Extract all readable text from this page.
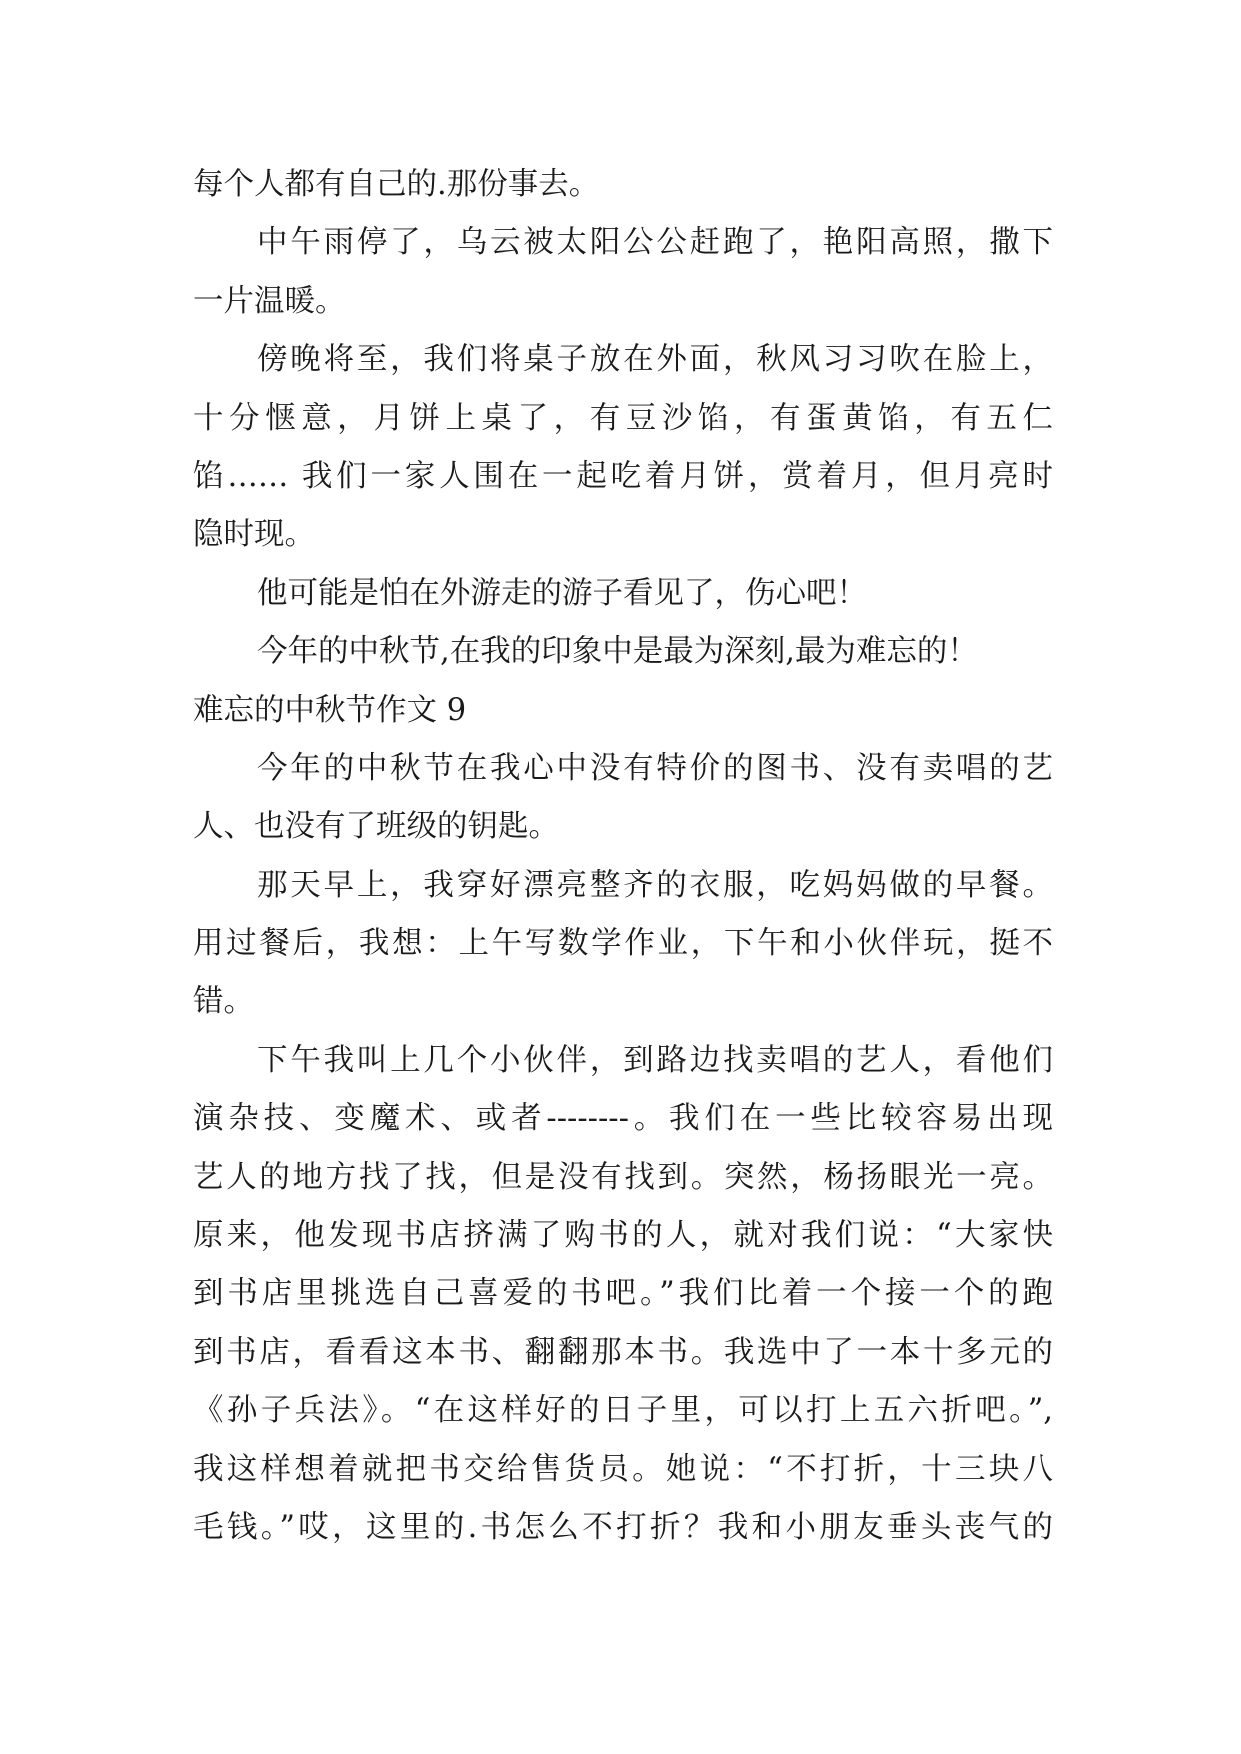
每个人都有自己的.那份事去。
中午雨停了，乌云被太阳公公赶跑了，艳阳高照，撒下
一片温暖。
傍晚将至，我们将桌子放在外面，秋风习习吹在脸上，
十分惬意，月饼上桌了，有豆沙馅，有蛋黄馅，有五仁
馅…… 我们一家人围在一起吃着月饼，赏着月，但月亮时
隐时现。
他可能是怕在外游走的游子看见了，伤心吧！
今年的中秋节,在我的印象中是最为深刻,最为难忘的！
难忘的中秋节作文 9
今年的中秋节在我心中没有特价的图书、没有卖唱的艺
人、也没有了班级的钥匙。
那天早上，我穿好漂亮整齐的衣服，吃妈妈做的早餐。
用过餐后，我想：上午写数学作业，下午和小伙伴玩，挺不
错。
下午我叫上几个小伙伴，到路边找卖唱的艺人，看他们
演杂技、变魔术、或者--------。我们在一些比较容易出现
艺人的地方找了找，但是没有找到。突然，杨扬眼光一亮。
原来，他发现书店挤满了购书的人，就对我们说：“大家快
到书店里挑选自己喜爱的书吧。”我们比着一个接一个的跑
到书店，看看这本书、翻翻那本书。我选中了一本十多元的
《孙子兵法》。“在这样好的日子里，可以打上五六折吧。”,
我这样想着就把书交给售货员。她说：“不打折，十三块八
毛钱。”哎，这里的.书怎么不打折？我和小朋友垂头丧气的
